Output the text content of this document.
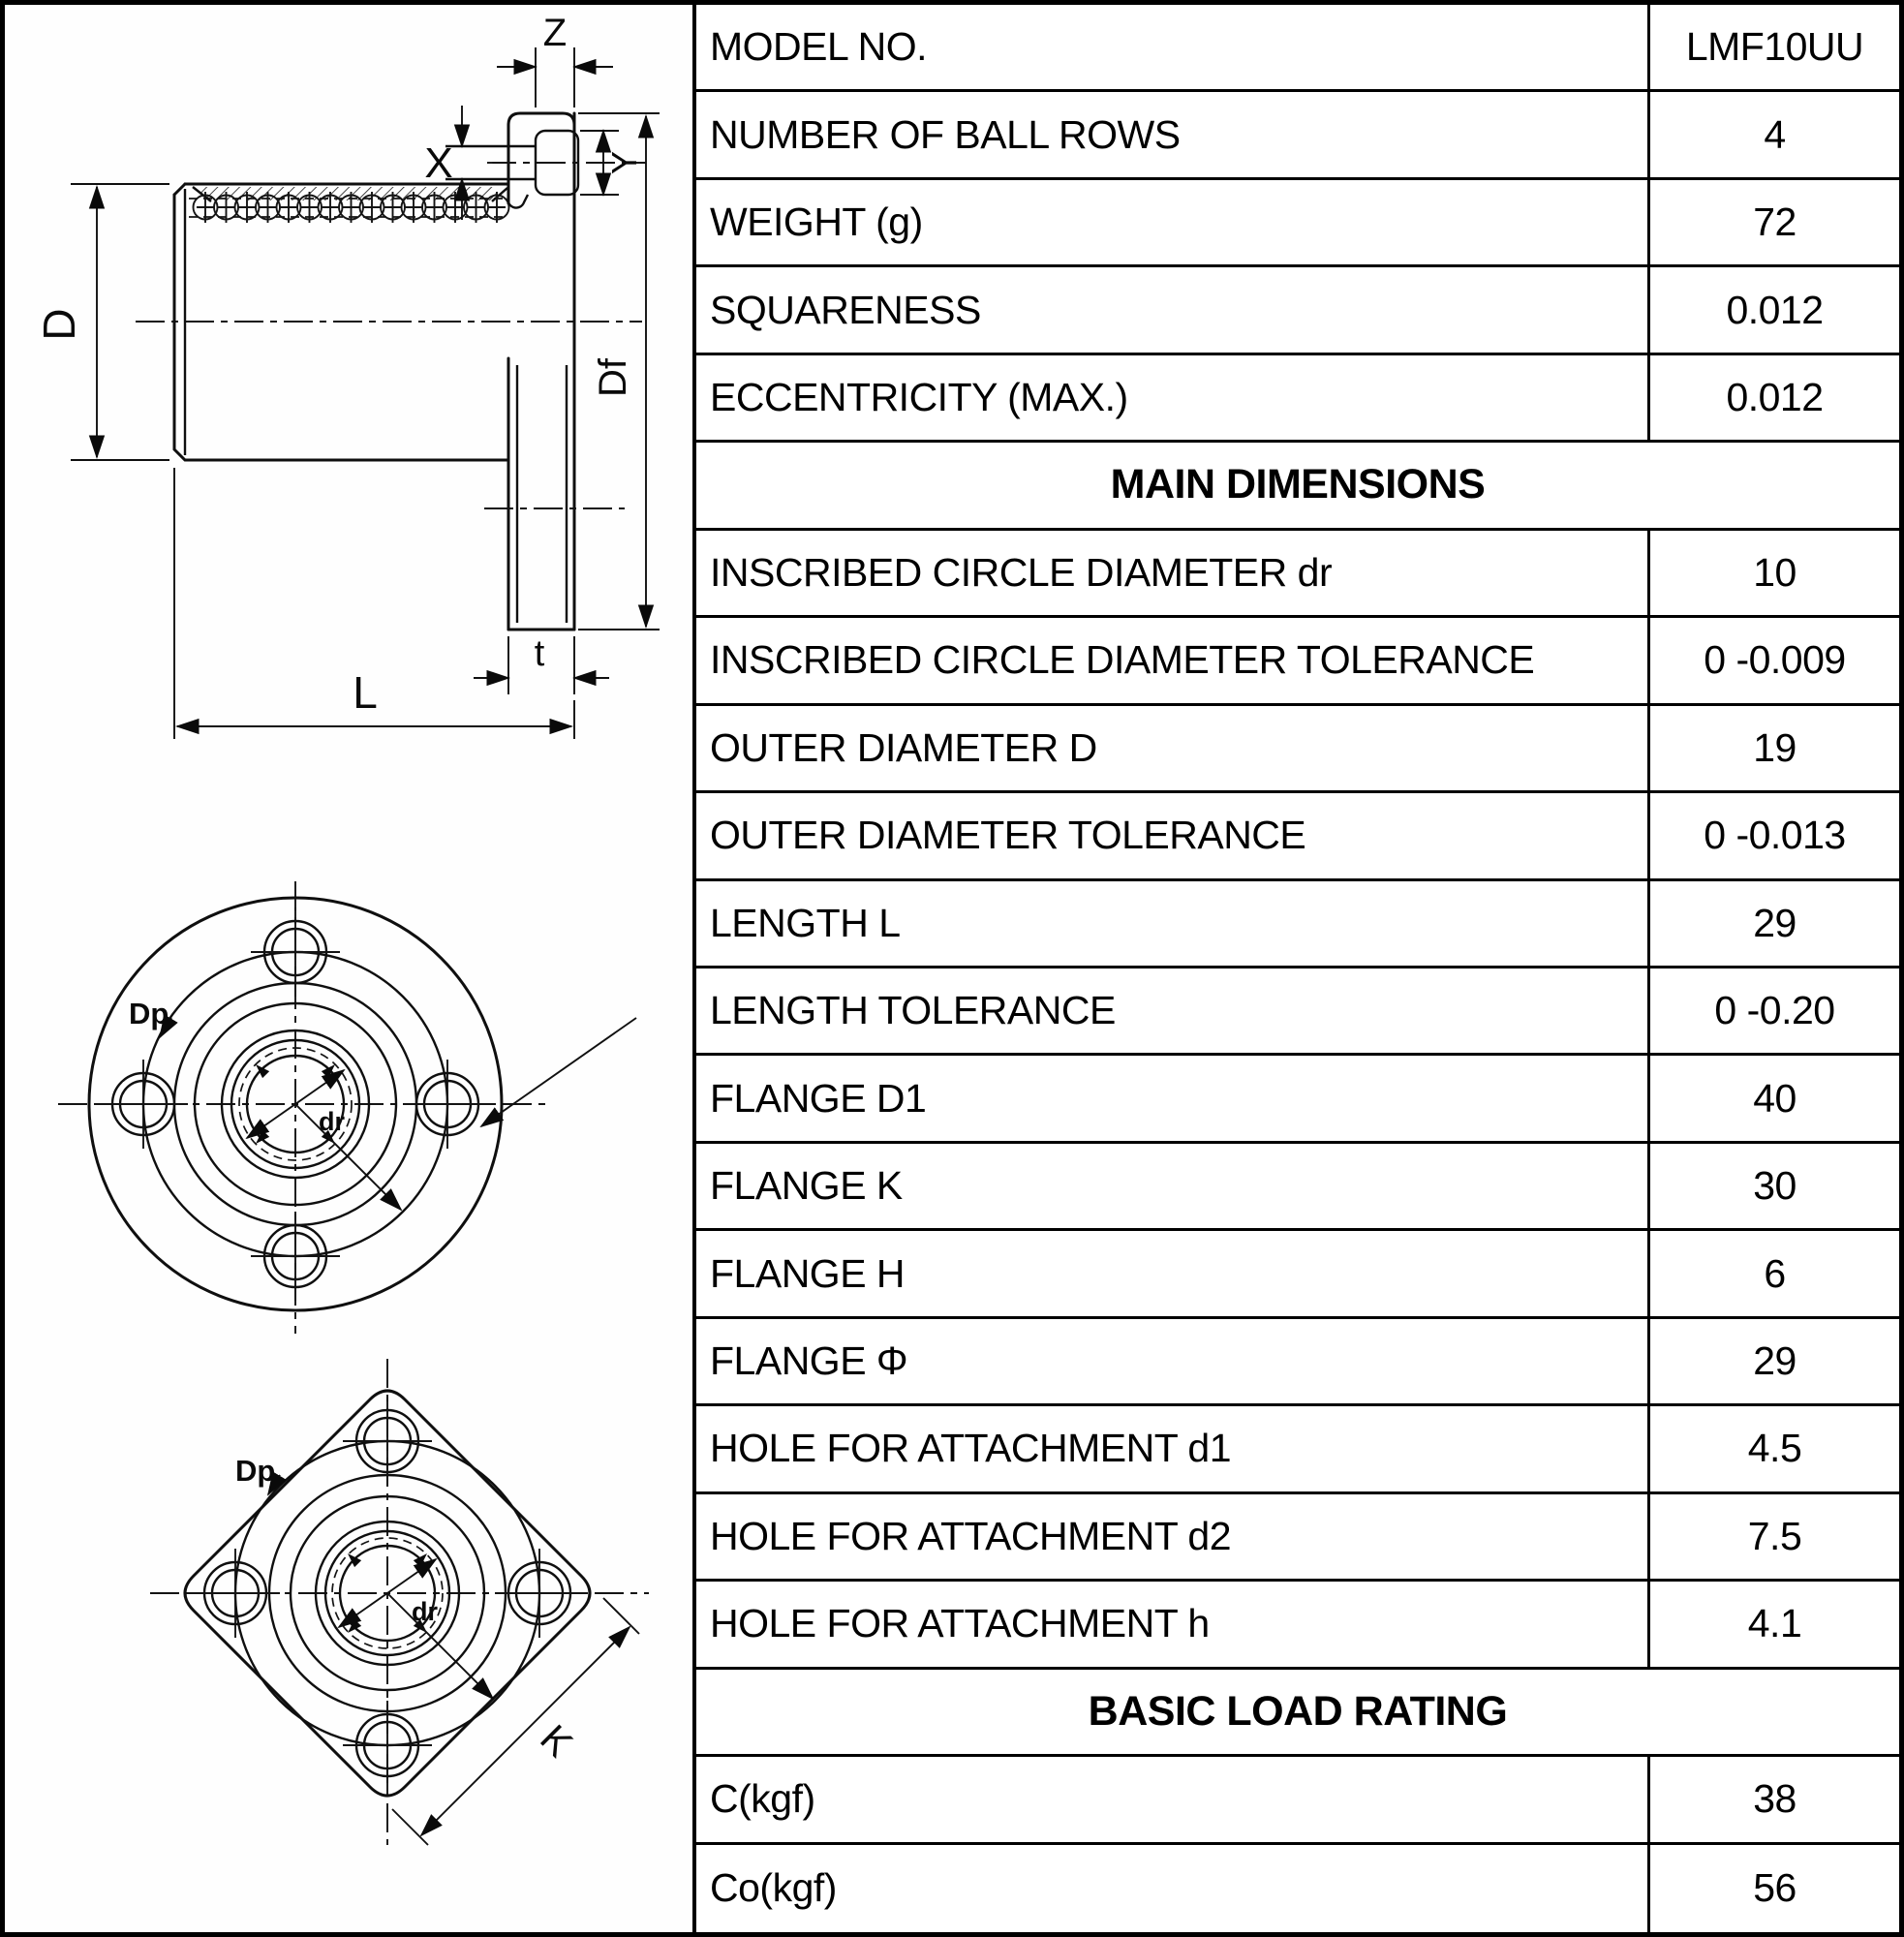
Z
X	Y
D
Df
t
L
dr
Dp
dr
Dp
K
MODEL NO.	LMF10UU
NUMBER OF BALL ROWS	4
WEIGHT (g)	72
SQUARENESS	0.012
ECCENTRICITY (MAX.)	0.012
MAIN DIMENSIONS
INSCRIBED CIRCLE DIAMETER dr	10
INSCRIBED CIRCLE DIAMETER TOLERANCE	0 -0.009
OUTER DIAMETER D	19
OUTER DIAMETER TOLERANCE	0 -0.013
LENGTH L	29
LENGTH TOLERANCE	0 -0.20
FLANGE D1	40
FLANGE K	30
FLANGE H	6
FLANGE Φ	29
HOLE FOR ATTACHMENT d1	4.5
HOLE FOR ATTACHMENT d2	7.5
HOLE FOR ATTACHMENT h	4.1
BASIC LOAD RATING
C(kgf)	38
Co(kgf)	56
